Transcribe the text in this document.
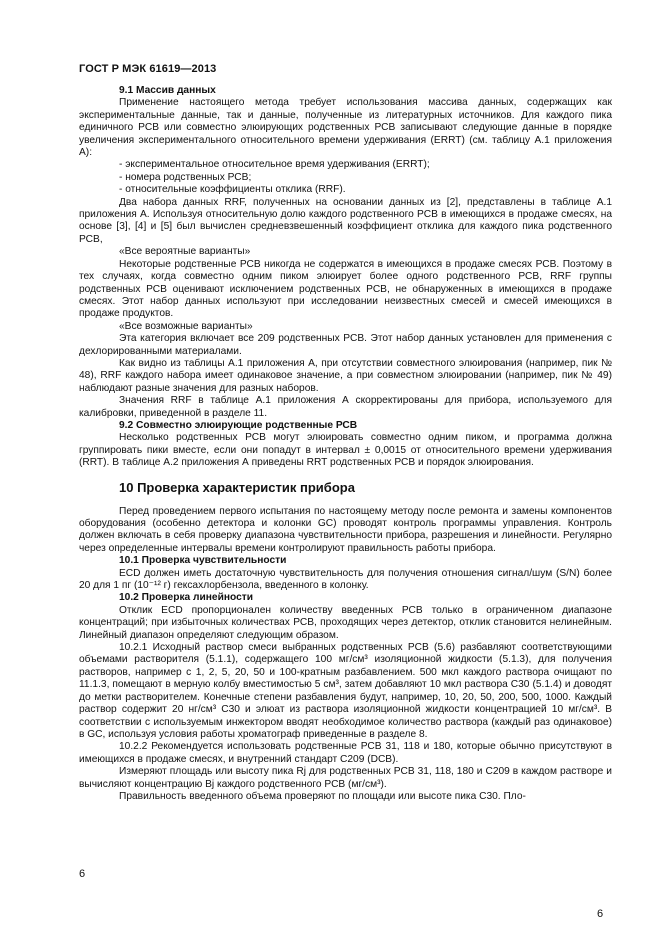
ГОСТ Р МЭК 61619—2013

9.1 Массив данных

Применение настоящего метода требует использования массива данных, содержащих как экспериментальные данные, так и данные, полученные из литературных источников. Для каждого пика единичного РСВ или совместно элюирующих родственных РСВ записывают следующие данные в порядке увеличения экспериментального относительного времени удерживания (ERRT) (см. таблицу А.1 приложения А):

- экспериментальное относительное время удерживания (ERRT);

- номера родственных РСВ;

- относительные коэффициенты отклика (RRF).

Два набора данных RRF, полученных на основании данных из [2], представлены в таблице А.1 приложения А. Используя относительную долю каждого родственного РСВ в имеющихся в продаже смесях, на основе [3], [4] и [5] был вычислен средневзвешенный коэффициент отклика для каждого пика родственного РСВ,

«Все вероятные варианты»

Некоторые родственные РСВ никогда не содержатся в имеющихся в продаже смесях РСВ. Поэтому в тех случаях, когда совместно одним пиком элюирует более одного родственного РСВ, RRF группы родственных РСВ оценивают исключением родственных РСВ, не обнаруженных в имеющихся в продаже смесях. Этот набор данных используют при исследовании неизвестных смесей и смесей имеющихся в продаже продуктов.

«Все возможные варианты»

Эта категория включает все 209 родственных РСВ. Этот набор данных установлен для применения с дехлорированными материалами.

Как видно из таблицы А.1 приложения А, при отсутствии совместного элюирования (например, пик № 48), RRF каждого набора имеет одинаковое значение, а при совместном элюировании (например, пик № 49) наблюдают разные значения для разных наборов.

Значения RRF в таблице А.1 приложения А скорректированы для прибора, используемого для калибровки, приведенной в разделе 11.

9.2 Совместно элюирующие родственные РСВ

Несколько родственных РСВ могут элюировать совместно одним пиком, и программа должна группировать пики вместе, если они попадут в интервал ± 0,0015 от относительного времени удерживания (RRT). В таблице А.2 приложения А приведены RRT родственных РСВ и порядок элюирования.

10 Проверка характеристик прибора

Перед проведением первого испытания по настоящему методу после ремонта и замены компонентов оборудования (особенно детектора и колонки GC) проводят контроль программы управления. Контроль должен включать в себя проверку диапазона чувствительности прибора, разрешения и линейности. Регулярно через определенные интервалы времени контролируют правильность работы прибора.

10.1 Проверка чувствительности

ECD должен иметь достаточную чувствительность для получения отношения сигнал/шум (S/N) более 20 для 1 пг (10⁻¹² г) гексахлорбензола, введенного в колонку.

10.2 Проверка линейности

Отклик ECD пропорционален количеству введенных РСВ только в ограниченном диапазоне концентраций; при избыточных количествах РСВ, проходящих через детектор, отклик становится нелинейным. Линейный диапазон определяют следующим образом.

10.2.1 Исходный раствор смеси выбранных родственных РСВ (5.6) разбавляют соответствующими объемами растворителя (5.1.1), содержащего 100 мг/см³ изоляционной жидкости (5.1.3), для получения растворов, например с 1, 2, 5, 20, 50 и 100-кратным разбавлением. 500 мкл каждого раствора очищают по 11.1.3, помещают в мерную колбу вместимостью 5 см³, затем добавляют 10 мкл раствора С30 (5.1.4) и доводят до метки растворителем. Конечные степени разбавления будут, например, 10, 20, 50, 200, 500, 1000. Каждый раствор содержит 20 нг/см³ С30 и элюат из раствора изоляционной жидкости концентрацией 10 мг/см³. В соответствии с используемым инжектором вводят необходимое количество раствора (каждый раз одинаковое) в GC, используя условия работы хроматограф приведенные в разделе 8.

10.2.2 Рекомендуется использовать родственные РСВ 31, 118 и 180, которые обычно присутствуют в имеющихся в продаже смесях, и внутренний стандарт С209 (DCB).

Измеряют площадь или высоту пика Rj для родственных РСВ 31, 118, 180 и С209 в каждом растворе и вычисляют концентрацию Bj каждого родственного РСВ (мг/см³).

Правильность введенного объема проверяют по площади или высоте пика С30. Пло-

6
6
